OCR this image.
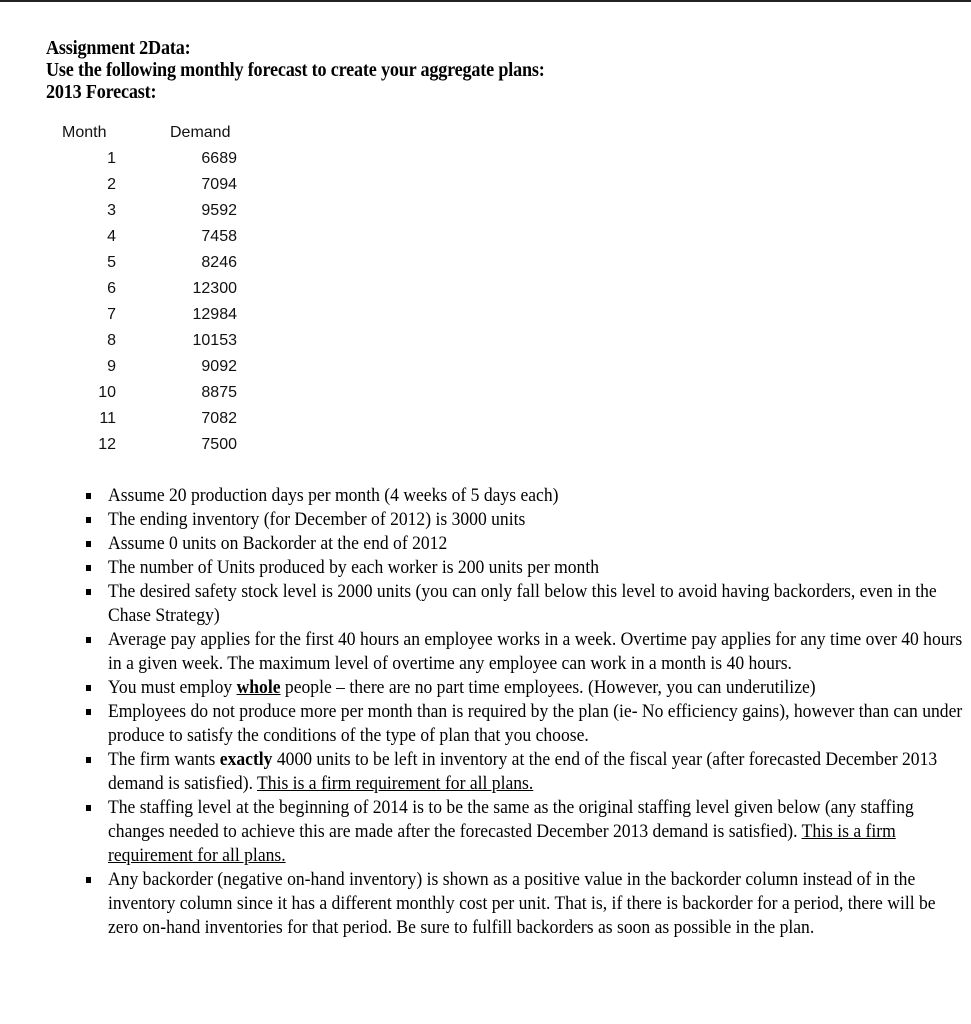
Assignment 2Data:
Use the following monthly forecast to create your aggregate plans:
2013 Forecast:
Month	Demand
1	6689
2	7094
3	9592
4	7458
5	8246
6	12300
7	12984
8	10153
9	9092
10	8875
11	7082
12	7500
Assume 20 production days per month (4 weeks of 5 days each)
The ending inventory (for December of 2012) is 3000 units
Assume 0 units on Backorder at the end of 2012
The number of Units produced by each worker is 200 units per month
The desired safety stock level is 2000 units (you can only fall below this level to avoid having backorders, even in the Chase Strategy)
Average pay applies for the first 40 hours an employee works in a week. Overtime pay applies for any time over 40 hours in a given week. The maximum level of overtime any employee can work in a month is 40 hours.
You must employ whole people – there are no part time employees. (However, you can underutilize)
Employees do not produce more per month than is required by the plan (ie- No efficiency gains), however than can under produce to satisfy the conditions of the type of plan that you choose.
The firm wants exactly 4000 units to be left in inventory at the end of the fiscal year (after forecasted December 2013 demand is satisfied). This is a firm requirement for all plans.
The staffing level at the beginning of 2014 is to be the same as the original staffing level given below (any staffing changes needed to achieve this are made after the forecasted December 2013 demand is satisfied). This is a firm requirement for all plans.
Any backorder (negative on-hand inventory) is shown as a positive value in the backorder column instead of in the inventory column since it has a different monthly cost per unit. That is, if there is backorder for a period, there will be zero on-hand inventories for that period. Be sure to fulfill backorders as soon as possible in the plan.
